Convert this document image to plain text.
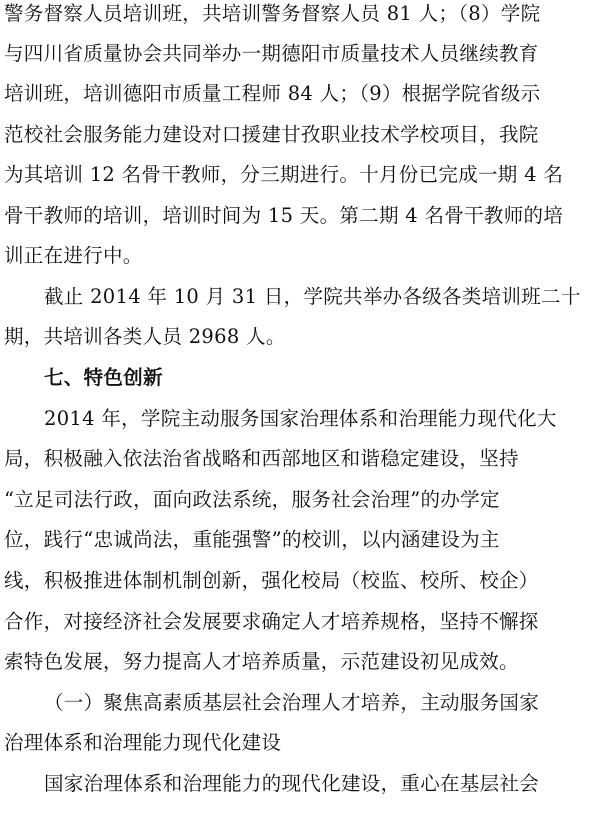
警务督察人员培训班，共培训警务督察人员 81 人；（8）学院
与四川省质量协会共同举办一期德阳市质量技术人员继续教育
培训班，培训德阳市质量工程师 84 人；（9）根据学院省级示
范校社会服务能力建设对口援建甘孜职业技术学校项目，我院
为其培训 12 名骨干教师，分三期进行。十月份已完成一期 4 名
骨干教师的培训，培训时间为 15 天。第二期 4 名骨干教师的培
训正在进行中。
截止 2014 年 10 月 31 日，学院共举办各级各类培训班二十
期，共培训各类人员 2968 人。
七、特色创新
2014 年，学院主动服务国家治理体系和治理能力现代化大
局，积极融入依法治省战略和西部地区和谐稳定建设，坚持
“立足司法行政，面向政法系统，服务社会治理”的办学定
位，践行“忠诚尚法，重能强警”的校训，以内涵建设为主
线，积极推进体制机制创新，强化校局（校监、校所、校企）
合作，对接经济社会发展要求确定人才培养规格，坚持不懈探
索特色发展，努力提高人才培养质量，示范建设初见成效。
（一）聚焦高素质基层社会治理人才培养，主动服务国家
治理体系和治理能力现代化建设
国家治理体系和治理能力的现代化建设，重心在基层社会
